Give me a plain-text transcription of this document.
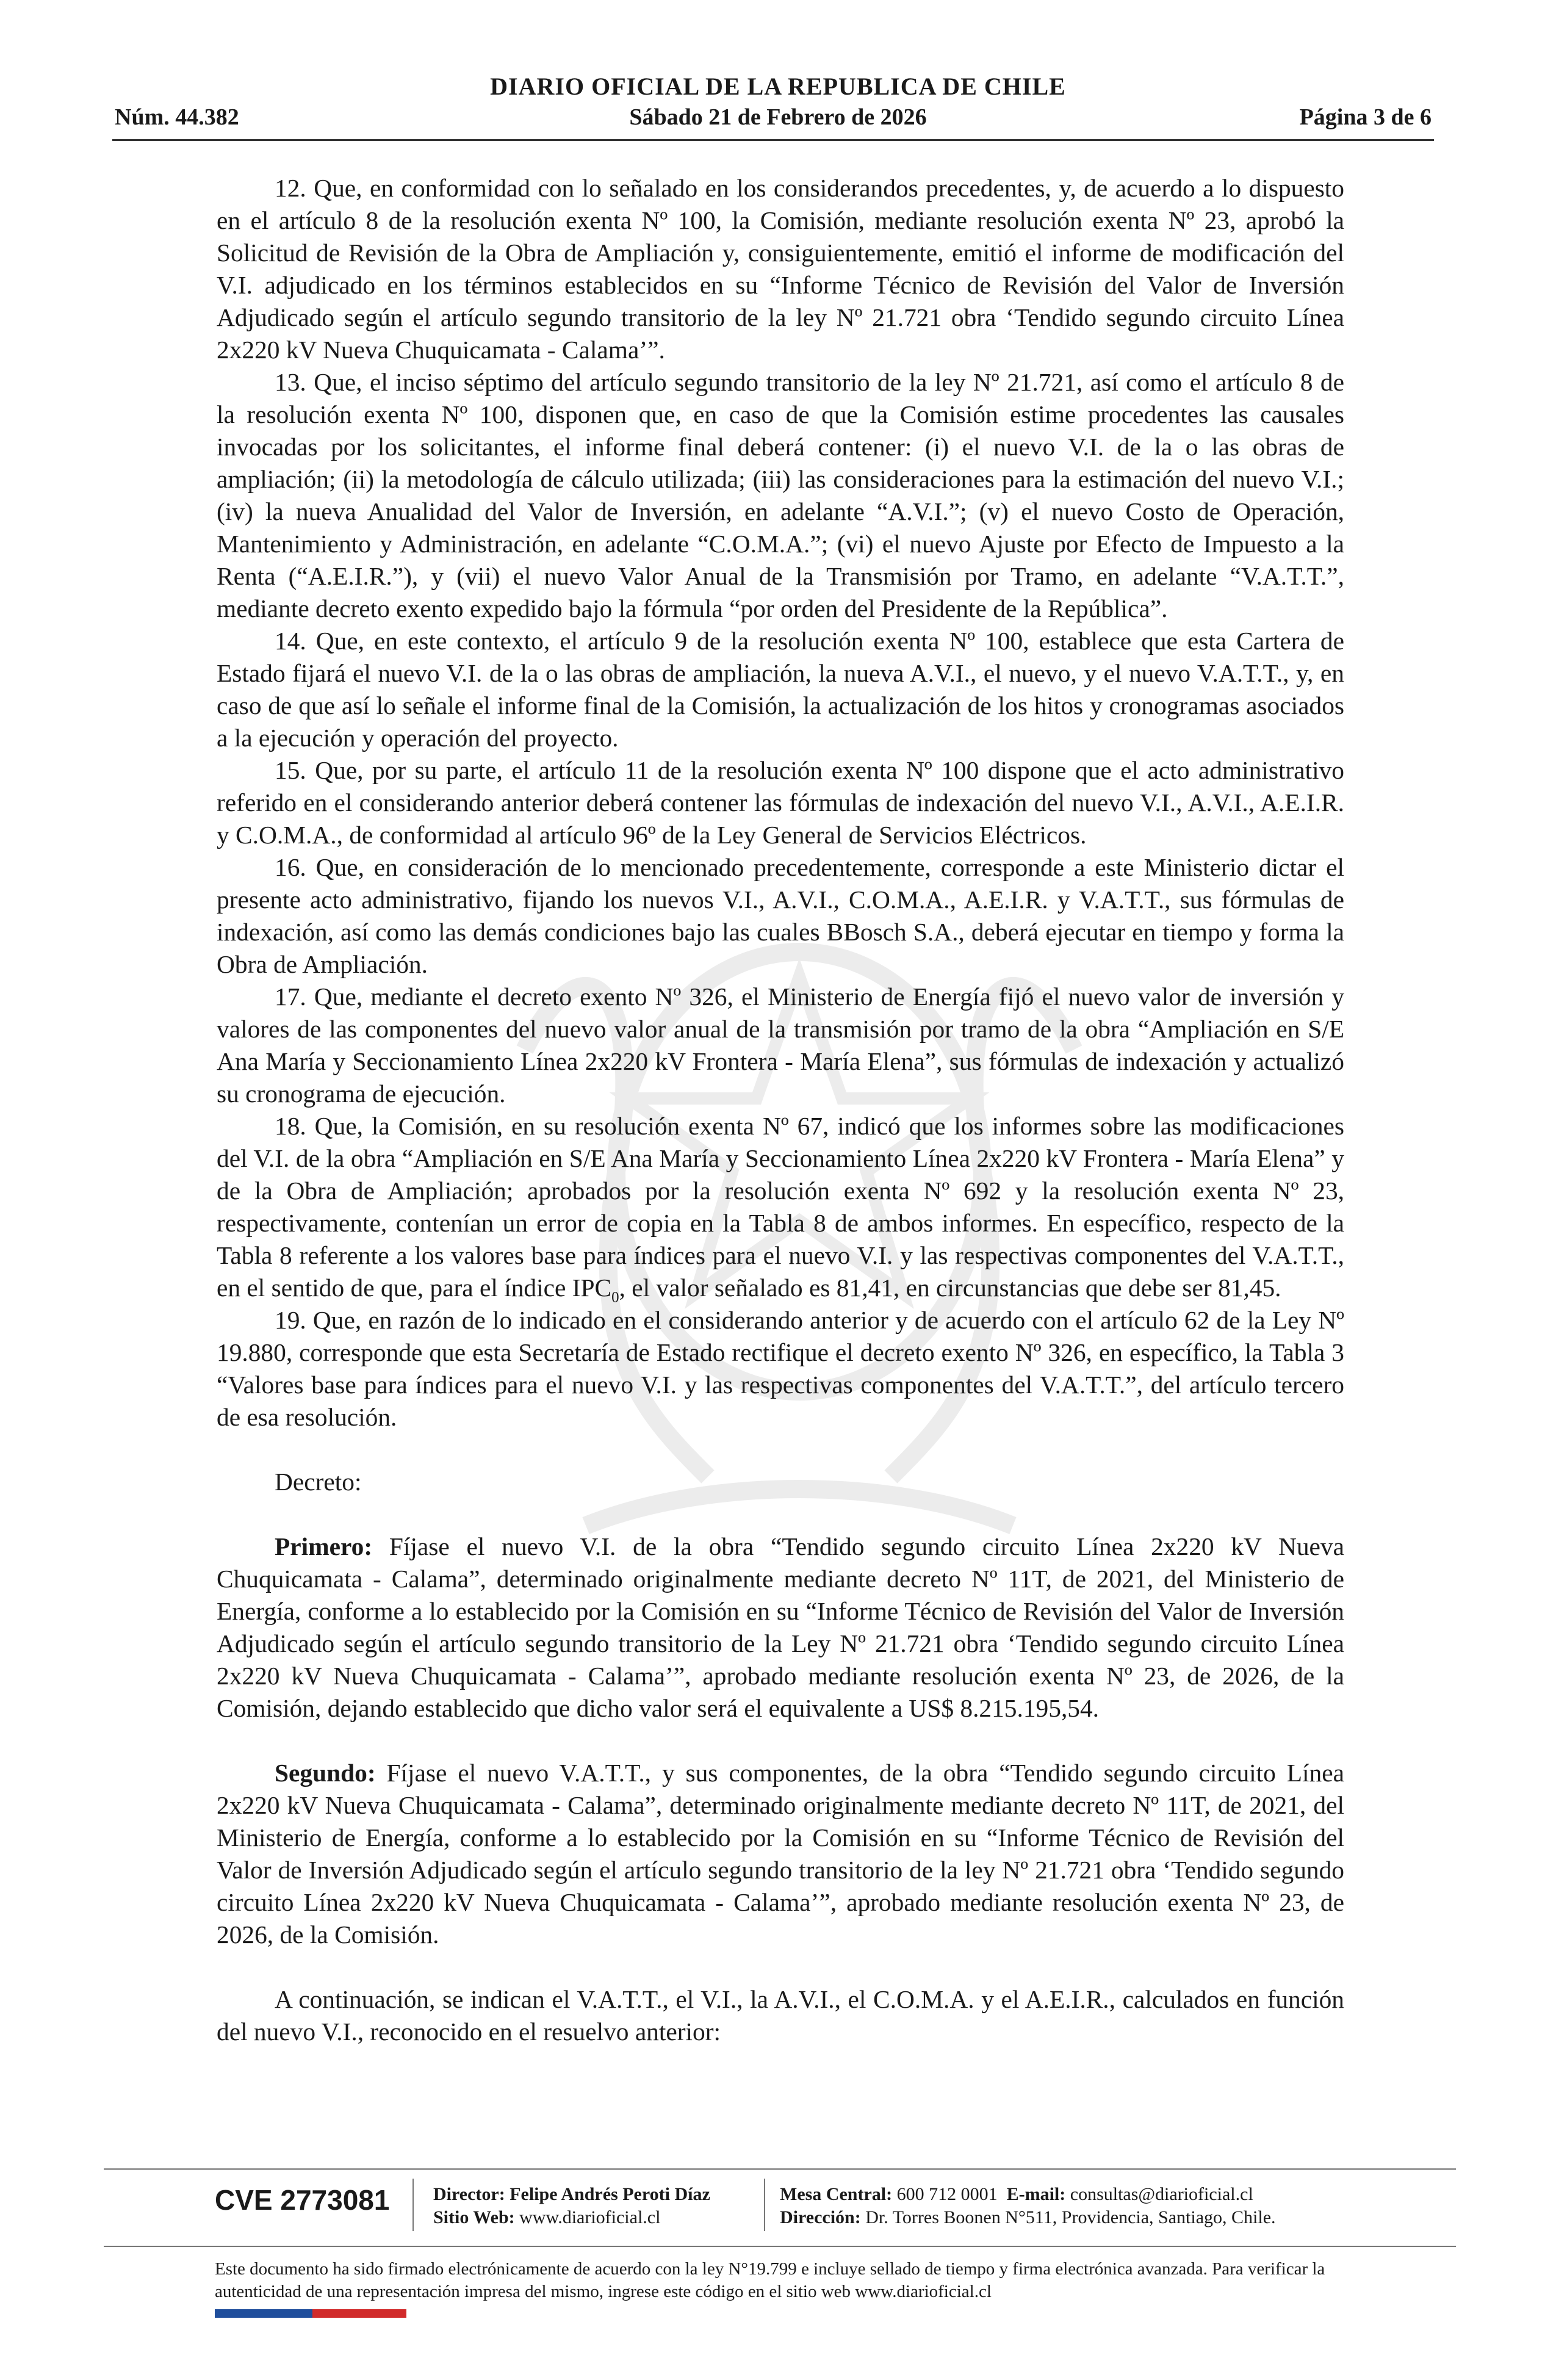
DIARIO OFICIAL DE LA REPUBLICA DE CHILE
Núm. 44.382	Sábado 21 de Febrero de 2026	Página 3 de 6

12. Que, en conformidad con lo señalado en los considerandos precedentes, y, de acuerdo a lo dispuesto en el artículo 8 de la resolución exenta Nº 100, la Comisión, mediante resolución exenta Nº 23, aprobó la Solicitud de Revisión de la Obra de Ampliación y, consiguientemente, emitió el informe de modificación del V.I. adjudicado en los términos establecidos en su “Informe Técnico de Revisión del Valor de Inversión Adjudicado según el artículo segundo transitorio de la ley Nº 21.721 obra ‘Tendido segundo circuito Línea 2x220 kV Nueva Chuquicamata - Calama’”.

13. Que, el inciso séptimo del artículo segundo transitorio de la ley Nº 21.721, así como el artículo 8 de la resolución exenta Nº 100, disponen que, en caso de que la Comisión estime procedentes las causales invocadas por los solicitantes, el informe final deberá contener: (i) el nuevo V.I. de la o las obras de ampliación; (ii) la metodología de cálculo utilizada; (iii) las consideraciones para la estimación del nuevo V.I.; (iv) la nueva Anualidad del Valor de Inversión, en adelante “A.V.I.”; (v) el nuevo Costo de Operación, Mantenimiento y Administración, en adelante “C.O.M.A.”; (vi) el nuevo Ajuste por Efecto de Impuesto a la Renta (“A.E.I.R.”), y (vii) el nuevo Valor Anual de la Transmisión por Tramo, en adelante “V.A.T.T.”, mediante decreto exento expedido bajo la fórmula “por orden del Presidente de la República”.

14. Que, en este contexto, el artículo 9 de la resolución exenta Nº 100, establece que esta Cartera de Estado fijará el nuevo V.I. de la o las obras de ampliación, la nueva A.V.I., el nuevo, y el nuevo V.A.T.T., y, en caso de que así lo señale el informe final de la Comisión, la actualización de los hitos y cronogramas asociados a la ejecución y operación del proyecto.

15. Que, por su parte, el artículo 11 de la resolución exenta Nº 100 dispone que el acto administrativo referido en el considerando anterior deberá contener las fórmulas de indexación del nuevo V.I., A.V.I., A.E.I.R. y C.O.M.A., de conformidad al artículo 96º de la Ley General de Servicios Eléctricos.

16. Que, en consideración de lo mencionado precedentemente, corresponde a este Ministerio dictar el presente acto administrativo, fijando los nuevos V.I., A.V.I., C.O.M.A., A.E.I.R. y V.A.T.T., sus fórmulas de indexación, así como las demás condiciones bajo las cuales BBosch S.A., deberá ejecutar en tiempo y forma la Obra de Ampliación.

17. Que, mediante el decreto exento Nº 326, el Ministerio de Energía fijó el nuevo valor de inversión y valores de las componentes del nuevo valor anual de la transmisión por tramo de la obra “Ampliación en S/E Ana María y Seccionamiento Línea 2x220 kV Frontera - María Elena”, sus fórmulas de indexación y actualizó su cronograma de ejecución.

18. Que, la Comisión, en su resolución exenta Nº 67, indicó que los informes sobre las modificaciones del V.I. de la obra “Ampliación en S/E Ana María y Seccionamiento Línea 2x220 kV Frontera - María Elena” y de la Obra de Ampliación; aprobados por la resolución exenta Nº 692 y la resolución exenta Nº 23, respectivamente, contenían un error de copia en la Tabla 8 de ambos informes. En específico, respecto de la Tabla 8 referente a los valores base para índices para el nuevo V.I. y las respectivas componentes del V.A.T.T., en el sentido de que, para el índice $IPC_0$, el valor señalado es 81,41, en circunstancias que debe ser 81,45.

19. Que, en razón de lo indicado en el considerando anterior y de acuerdo con el artículo 62 de la Ley Nº 19.880, corresponde que esta Secretaría de Estado rectifique el decreto exento Nº 326, en específico, la Tabla 3 “Valores base para índices para el nuevo V.I. y las respectivas componentes del V.A.T.T.”, del artículo tercero de esa resolución.

Decreto:

Primero: Fíjase el nuevo V.I. de la obra “Tendido segundo circuito Línea 2x220 kV Nueva Chuquicamata - Calama”, determinado originalmente mediante decreto Nº 11T, de 2021, del Ministerio de Energía, conforme a lo establecido por la Comisión en su “Informe Técnico de Revisión del Valor de Inversión Adjudicado según el artículo segundo transitorio de la Ley Nº 21.721 obra ‘Tendido segundo circuito Línea 2x220 kV Nueva Chuquicamata - Calama’”, aprobado mediante resolución exenta Nº 23, de 2026, de la Comisión, dejando establecido que dicho valor será el equivalente a US$ 8.215.195,54.

Segundo: Fíjase el nuevo V.A.T.T., y sus componentes, de la obra “Tendido segundo circuito Línea 2x220 kV Nueva Chuquicamata - Calama”, determinado originalmente mediante decreto Nº 11T, de 2021, del Ministerio de Energía, conforme a lo establecido por la Comisión en su “Informe Técnico de Revisión del Valor de Inversión Adjudicado según el artículo segundo transitorio de la ley Nº 21.721 obra ‘Tendido segundo circuito Línea 2x220 kV Nueva Chuquicamata - Calama’”, aprobado mediante resolución exenta Nº 23, de 2026, de la Comisión.

A continuación, se indican el V.A.T.T., el V.I., la A.V.I., el C.O.M.A. y el A.E.I.R., calculados en función del nuevo V.I., reconocido en el resuelvo anterior:

CVE 2773081 Director: Felipe Andrés Peroti Díaz
Sitio Web: www.diarioficial.cl
Mesa Central: 600 712 0001 E-mail: consultas@diarioficial.cl
Dirección: Dr. Torres Boonen N°511, Providencia, Santiago, Chile.
Este documento ha sido firmado electrónicamente de acuerdo con la ley N°19.799 e incluye sellado de tiempo y firma electrónica avanzada. Para verificar la autenticidad de una representación impresa del mismo, ingrese este código en el sitio web www.diarioficial.cl
